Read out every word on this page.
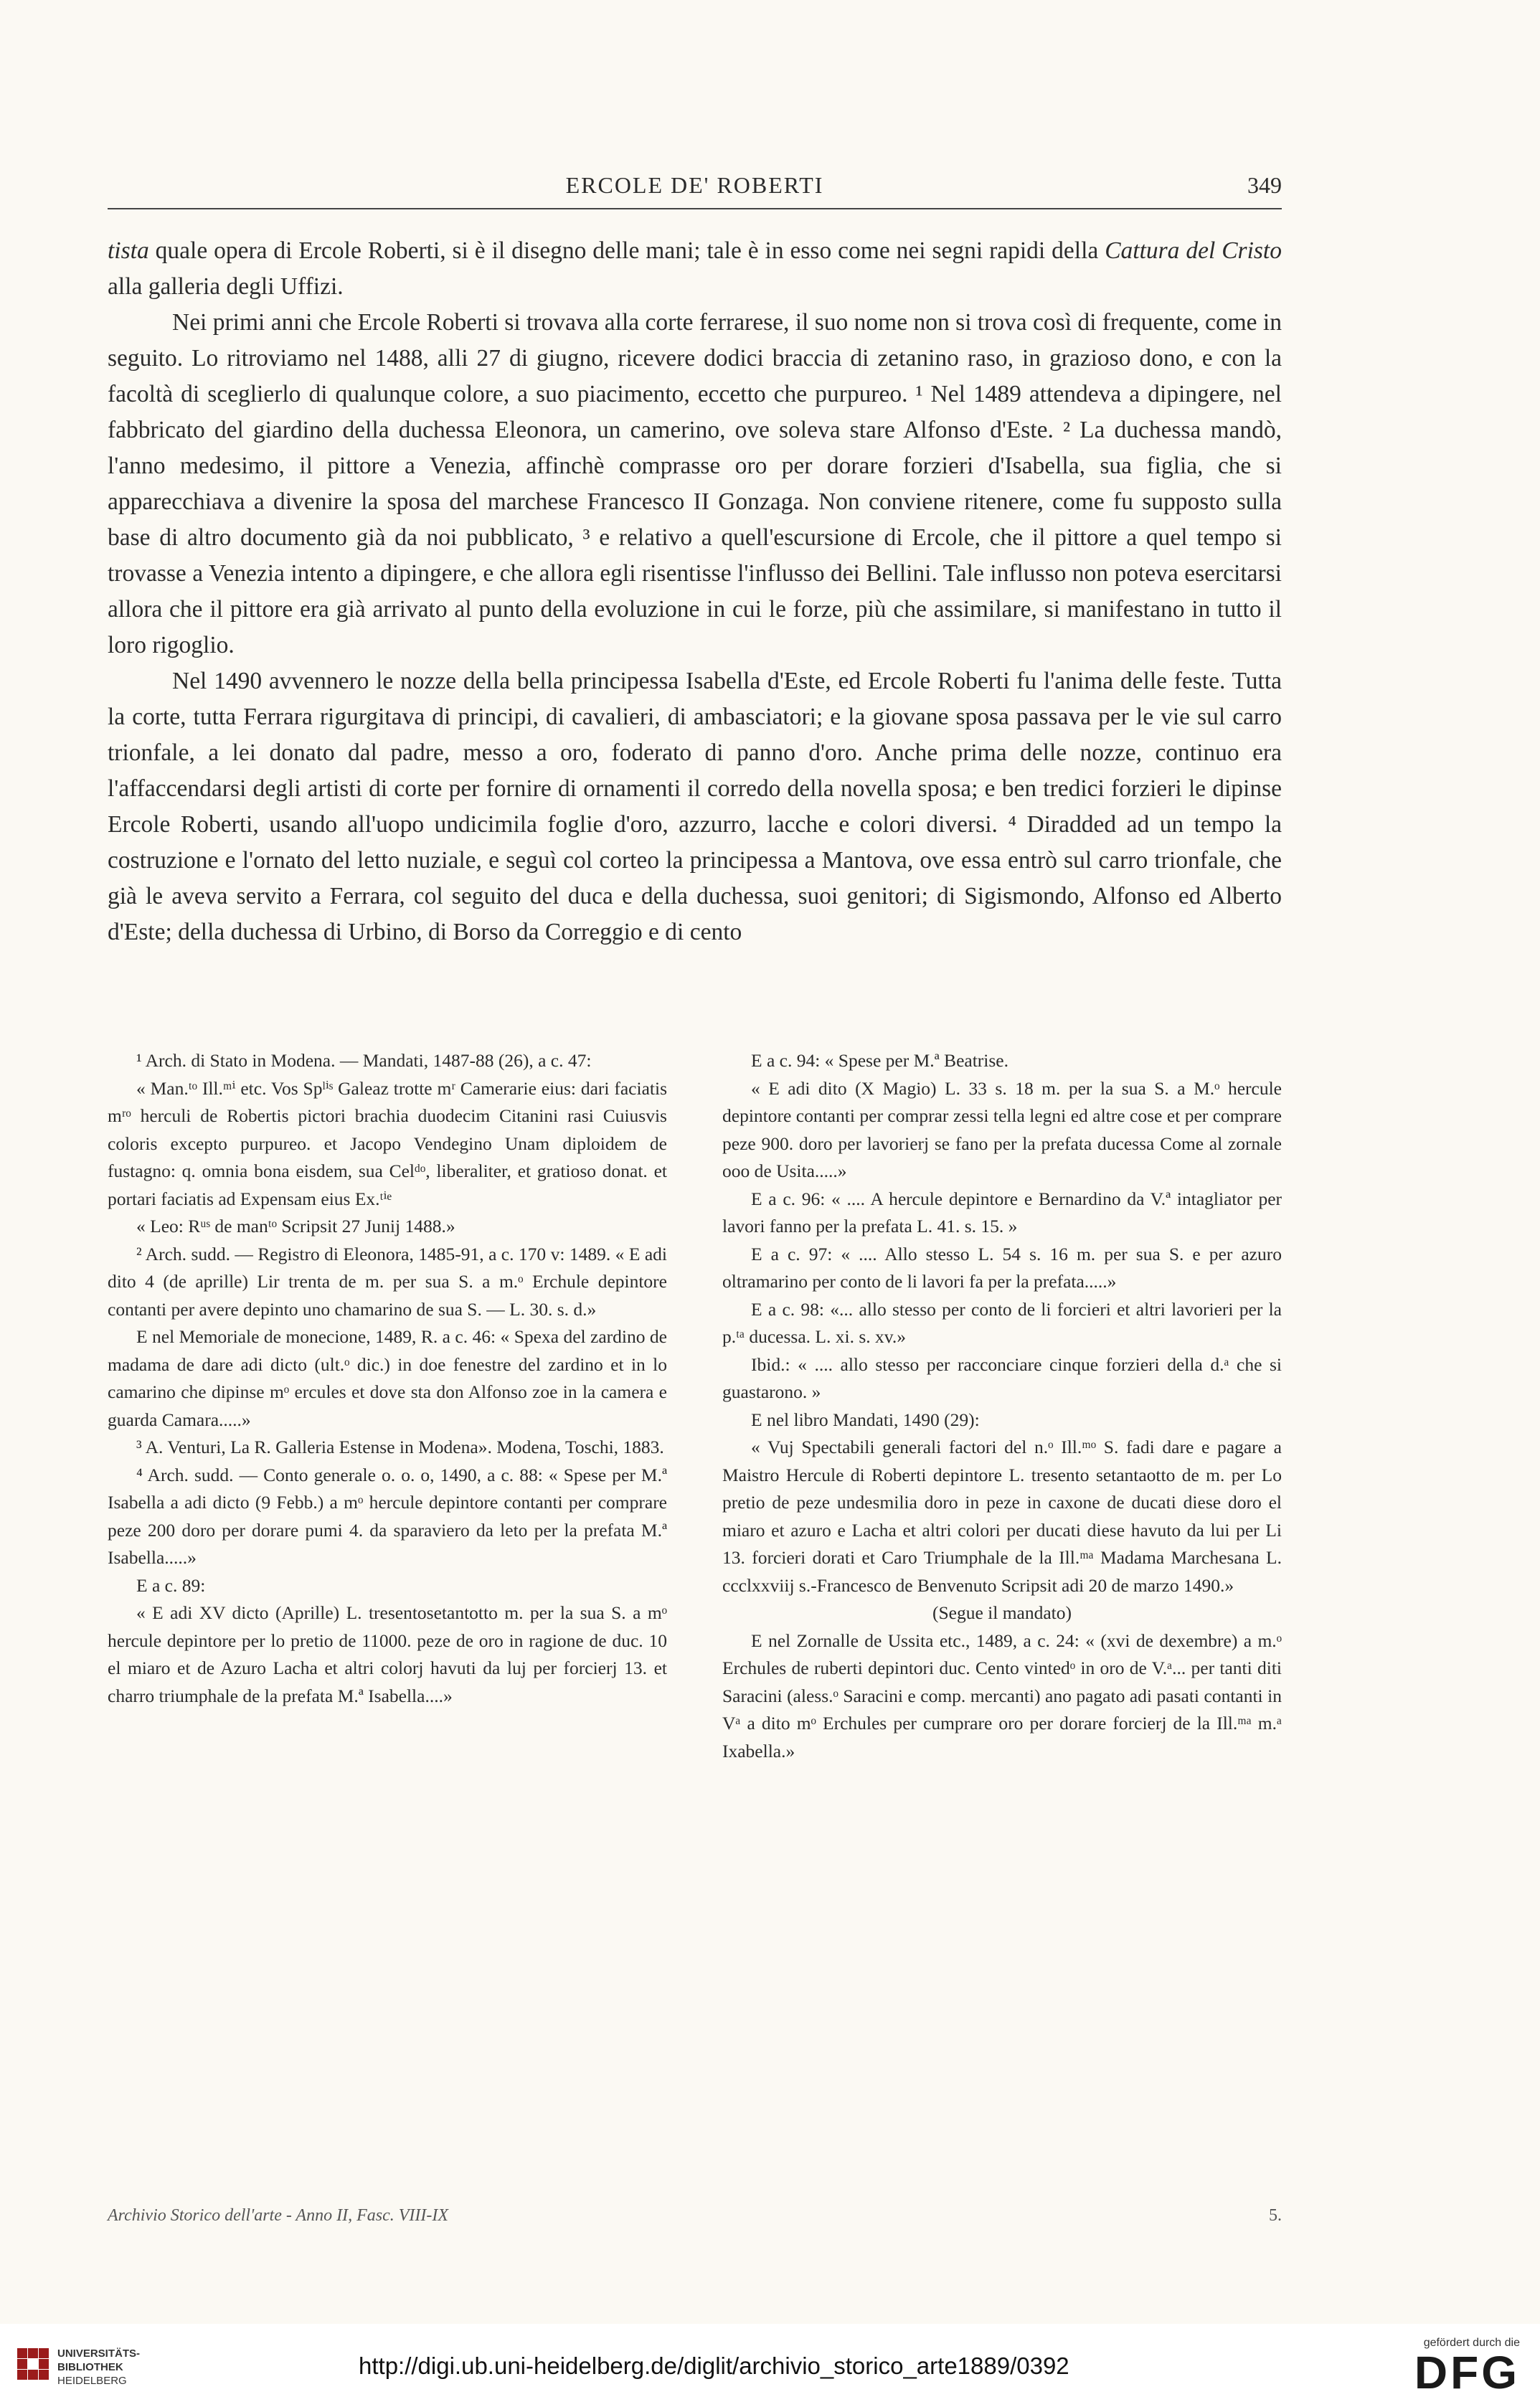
ERCOLE DE' ROBERTI	349

tista quale opera di Ercole Roberti, si è il disegno delle mani; tale è in esso come nei segni rapidi della Cattura del Cristo alla galleria degli Uffizi.

Nei primi anni che Ercole Roberti si trovava alla corte ferrarese, il suo nome non si trova così di frequente, come in seguito. Lo ritroviamo nel 1488, alli 27 di giugno, ricevere dodici braccia di zetanino raso, in grazioso dono, e con la facoltà di sceglierlo di qualunque colore, a suo piacimento, eccetto che purpureo. ¹ Nel 1489 attendeva a dipingere, nel fabbricato del giardino della duchessa Eleonora, un camerino, ove soleva stare Alfonso d'Este. ² La duchessa mandò, l'anno medesimo, il pittore a Venezia, affinchè comprasse oro per dorare forzieri d'Isabella, sua figlia, che si apparecchiava a divenire la sposa del marchese Francesco II Gonzaga. Non conviene ritenere, come fu supposto sulla base di altro documento già da noi pubblicato, ³ e relativo a quell'escursione di Ercole, che il pittore a quel tempo si trovasse a Venezia intento a dipingere, e che allora egli risentisse l'influsso dei Bellini. Tale influsso non poteva esercitarsi allora che il pittore era già arrivato al punto della evoluzione in cui le forze, più che assimilare, si manifestano in tutto il loro rigoglio.

Nel 1490 avvennero le nozze della bella principessa Isabella d'Este, ed Ercole Roberti fu l'anima delle feste. Tutta la corte, tutta Ferrara rigurgitava di principi, di cavalieri, di ambasciatori; e la giovane sposa passava per le vie sul carro trionfale, a lei donato dal padre, messo a oro, foderato di panno d'oro. Anche prima delle nozze, continuo era l'affaccendarsi degli artisti di corte per fornire di ornamenti il corredo della novella sposa; e ben tredici forzieri le dipinse Ercole Roberti, usando all'uopo undicimila foglie d'oro, azzurro, lacche e colori diversi. ⁴ Diradded ad un tempo la costruzione e l'ornato del letto nuziale, e seguì col corteo la principessa a Mantova, ove essa entrò sul carro trionfale, che già le aveva servito a Ferrara, col seguito del duca e della duchessa, suoi genitori; di Sigismondo, Alfonso ed Alberto d'Este; della duchessa di Urbino, di Borso da Correggio e di cento

¹ Arch. di Stato in Modena. — Mandati, 1487-88 (26), a c. 47:

« Man.ᵗᵒ Ill.ᵐⁱ etc. Vos Spˡⁱˢ Galeaz trotte mʳ Camerarie eius: dari faciatis mʳᵒ herculi de Robertis pictori brachia duodecim Citanini rasi Cuiusvis coloris excepto purpureo. et Jacopo Vendegino Unam diploidem de fustagno: q. omnia bona eisdem, sua Celᵈᵒ, liberaliter, et gratioso donat. et portari faciatis ad Expensam eius Ex.ᵗⁱᵉ

« Leo: Rᵘˢ de manᵗᵒ Scripsit 27 Junij 1488.»

² Arch. sudd. — Registro di Eleonora, 1485-91, a c. 170 v: 1489. « E adi dito 4 (de aprille) Lir trenta de m. per sua S. a m.ᵒ Erchule depintore contanti per avere depinto uno chamarino de sua S. — L. 30. s. d.»

E nel Memoriale de monecione, 1489, R. a c. 46: « Spexa del zardino de madama de dare adi dicto (ult.ᵒ dic.) in doe fenestre del zardino et in lo camarino che dipinse mᵒ ercules et dove sta don Alfonso zoe in la camera e guarda Camara.....»

³ A. Venturi, La R. Galleria Estense in Modena». Modena, Toschi, 1883.

⁴ Arch. sudd. — Conto generale o. o. o, 1490, a c. 88: « Spese per M.ª Isabella a adi dicto (9 Febb.) a mᵒ hercule depintore contanti per comprare peze 200 doro per dorare pumi 4. da sparaviero da leto per la prefata M.ª Isabella.....»

E a c. 89:

« E adi XV dicto (Aprille) L. tresentosetantotto m. per la sua S. a mᵒ hercule depintore per lo pretio de 11000. peze de oro in ragione de duc. 10 el miaro et de Azuro Lacha et altri colorj havuti da luj per forcierj 13. et charro triumphale de la prefata M.ª Isabella....»

E a c. 94: « Spese per M.ª Beatrise.

« E adi dito (X Magio) L. 33 s. 18 m. per la sua S. a M.ᵒ hercule depintore contanti per comprar zessi tella legni ed altre cose et per comprare peze 900. doro per lavorierj se fano per la prefata ducessa Come al zornale ooo de Usita.....»

E a c. 96: « .... A hercule depintore e Bernardino da V.ª intagliator per lavori fanno per la prefata L. 41. s. 15. »

E a c. 97: « .... Allo stesso L. 54 s. 16 m. per sua S. e per azuro oltramarino per conto de li lavori fa per la prefata.....»

E a c. 98: «... allo stesso per conto de li forcieri et altri lavorieri per la p.ᵗᵃ ducessa. L. xi. s. xv.»

Ibid.: « .... allo stesso per racconciare cinque forzieri della d.ᵃ che si guastarono. »

E nel libro Mandati, 1490 (29):

« Vuj Spectabili generali factori del n.ᵒ Ill.ᵐᵒ S. fadi dare e pagare a Maistro Hercule di Roberti depintore L. tresento setantaotto de m. per Lo pretio de peze undesmilia doro in peze in caxone de ducati diese doro el miaro et azuro e Lacha et altri colori per ducati diese havuto da lui per Li 13. forcieri dorati et Caro Triumphale de la Ill.ᵐᵃ Madama Marchesana L. ccclxxviij s.-Francesco de Benvenuto Scripsit adi 20 de marzo 1490.»

(Segue il mandato)

E nel Zornalle de Ussita etc., 1489, a c. 24: « (xvi de dexembre) a m.ᵒ Erchules de ruberti depintori duc. Cento vintedᵒ in oro de V.ᵃ... per tanti diti Saracini (aless.ᵒ Saracini e comp. mercanti) ano pagato adi pasati contanti in Vᵃ a dito mᵒ Erchules per cumprare oro per dorare forcierj de la Ill.ᵐᵃ m.ᵃ Ixabella.»

Archivio Storico dell'arte - Anno II, Fasc. VIII-IX	5.
UNIVERSITÄTS-
BIBLIOTHEK
HEIDELBERG
http://digi.ub.uni-heidelberg.de/diglit/archivio_storico_arte1889/0392
gefördert durch die
DFG
